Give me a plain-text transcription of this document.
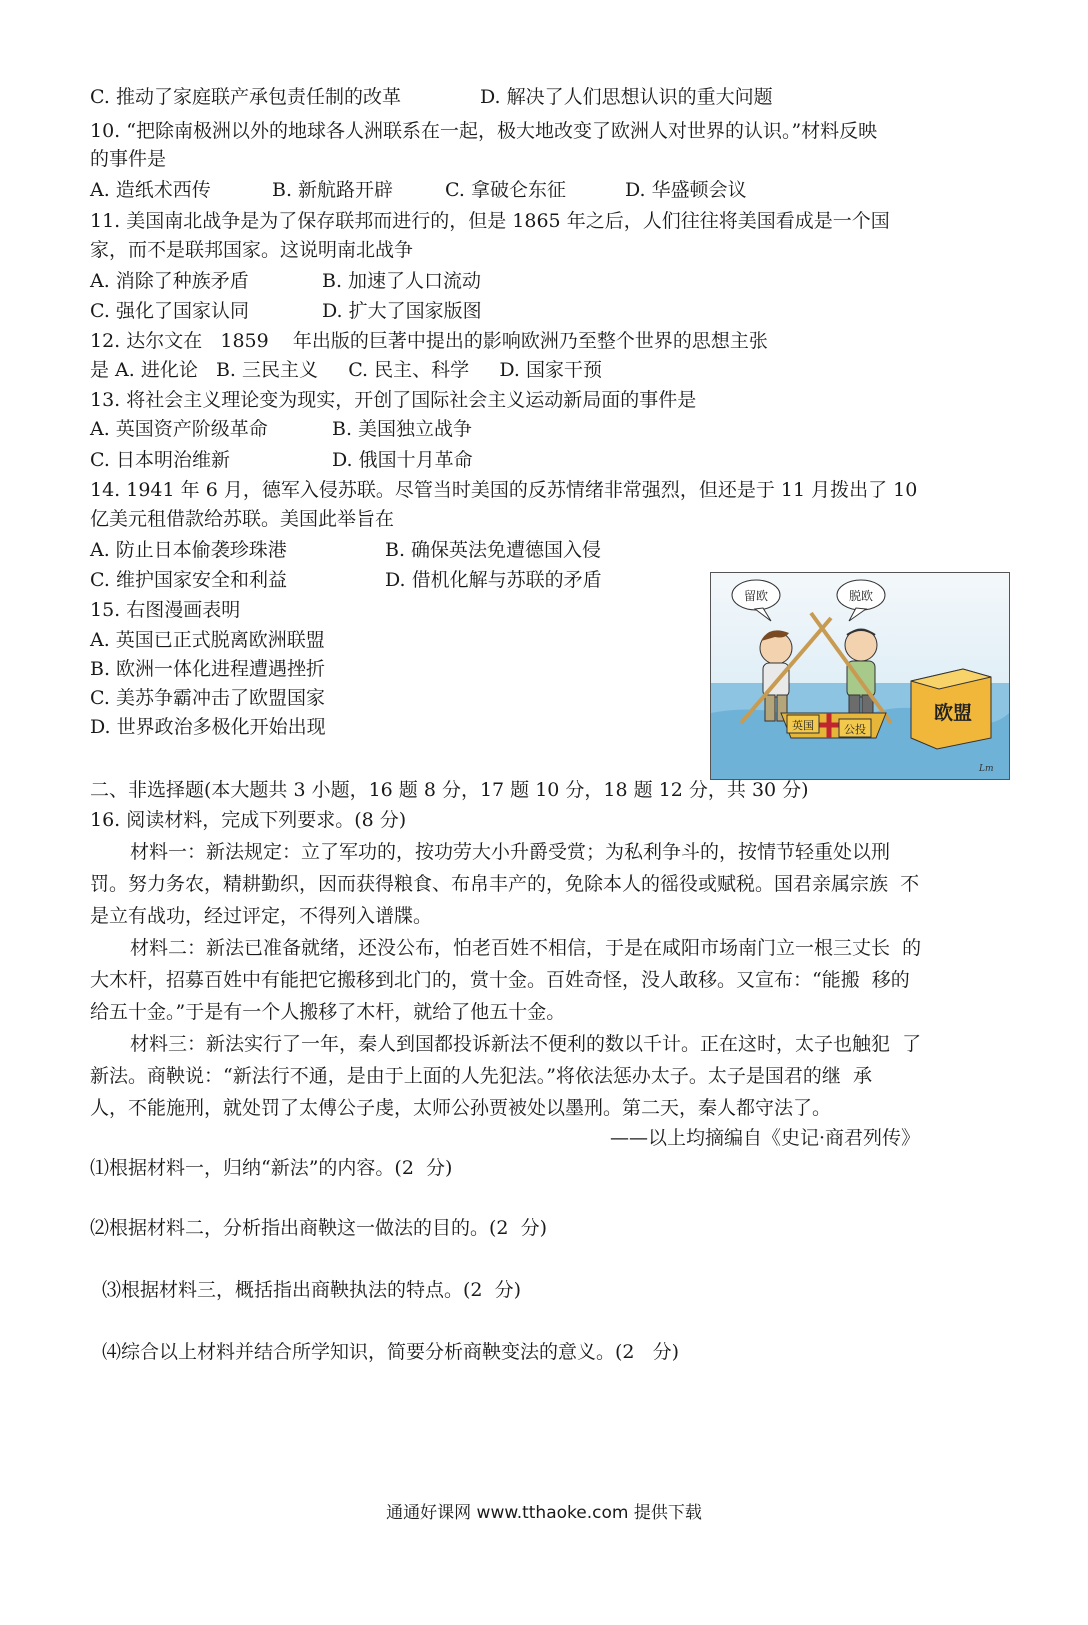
C. 推动了家庭联产承包责任制的改革	D. 解决了人们思想认识的重大问题
10. “把除南极洲以外的地球各人洲联系在一起，极大地改变了欧洲人对世界的认识。”材料反映
的事件是
A. 造纸术西传	B. 新航路开辟	C. 拿破仑东征	D. 华盛顿会议
11. 美国南北战争是为了保存联邦而进行的，但是 1865 年之后，人们往往将美国看成是一个国
家，而不是联邦国家。这说明南北战争
A. 消除了种族矛盾	B. 加速了人口流动
C. 强化了国家认同	D. 扩大了国家版图
12. 达尔文在   1859    年出版的巨著中提出的影响欧洲乃至整个世界的思想主张
是 A. 进化论   B. 三民主义     C. 民主、科学     D. 国家干预
13. 将社会主义理论变为现实，开创了国际社会主义运动新局面的事件是
A. 英国资产阶级革命	B. 美国独立战争
C. 日本明治维新	D. 俄国十月革命
14. 1941 年 6 月，德军入侵苏联。尽管当时美国的反苏情绪非常强烈，但还是于 11 月拨出了 10
亿美元租借款给苏联。美国此举旨在
A. 防止日本偷袭珍珠港	B. 确保英法免遭德国入侵
C. 维护国家安全和利益	D. 借机化解与苏联的矛盾
15. 右图漫画表明
A. 英国已正式脱离欧洲联盟
B. 欧洲一体化进程遭遇挫折
C. 美苏争霸冲击了欧盟国家
D. 世界政治多极化开始出现
留欧	脱欧
英国	公投
欧盟
Lm
二、非选择题(本大题共 3 小题，16 题 8 分，17 题 10 分，18 题 12 分，共 30 分)
16. 阅读材料，完成下列要求。(8 分)
材料一：新法规定：立了军功的，按功劳大小升爵受赏；为私利争斗的，按情节轻重处以刑
罚。努力务农，精耕勤织，因而获得粮食、布帛丰产的，免除本人的徭役或赋税。国君亲属宗族  不
是立有战功，经过评定，不得列入谱牒。
材料二：新法已准备就绪，还没公布，怕老百姓不相信，于是在咸阳市场南门立一根三丈长  的
大木杆，招募百姓中有能把它搬移到北门的，赏十金。百姓奇怪，没人敢移。又宣布：“能搬  移的
给五十金。”于是有一个人搬移了木杆，就给了他五十金。
材料三：新法实行了一年，秦人到国都投诉新法不便利的数以千计。正在这时，太子也触犯  了
新法。商鞅说：“新法行不通，是由于上面的人先犯法。”将依法惩办太子。太子是国君的继  承
人，不能施刑，就处罚了太傅公子虔，太师公孙贾被处以墨刑。第二天，秦人都守法了。
——以上均摘编自《史记·商君列传》
⑴根据材料一，归纳“新法”的内容。(2  分)
⑵根据材料二，分析指出商鞅这一做法的目的。(2  分)
⑶根据材料三，概括指出商鞅执法的特点。(2  分)
⑷综合以上材料并结合所学知识，简要分析商鞅变法的意义。(2   分)
通通好课网 www.tthaoke.com 提供下载
